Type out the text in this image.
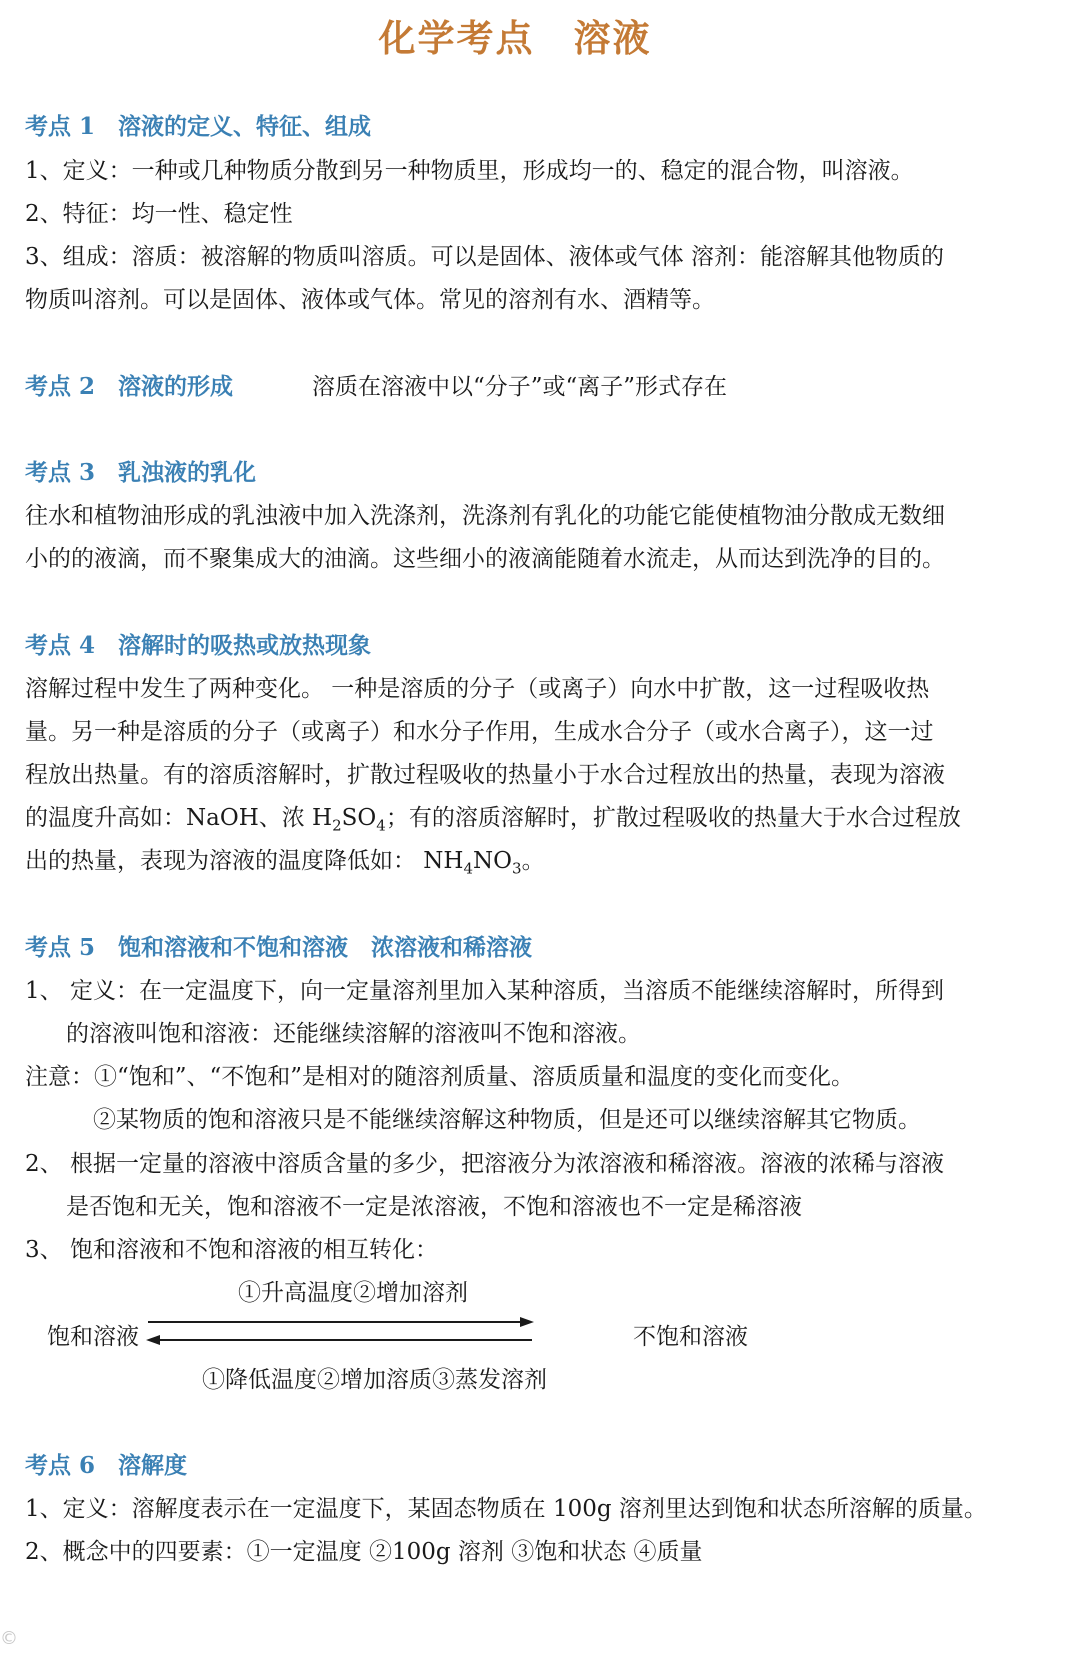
化学考点　溶液
考点 1　溶液的定义、特征、组成
1、定义：一种或几种物质分散到另一种物质里，形成均一的、稳定的混合物，叫溶液。
2、特征：均一性、稳定性
3、组成：溶质：被溶解的物质叫溶质。可以是固体、液体或气体 溶剂：能溶解其他物质的
物质叫溶剂。可以是固体、液体或气体。常见的溶剂有水、酒精等。
考点 2　溶液的形成	溶质在溶液中以“分子”或“离子”形式存在
考点 3　乳浊液的乳化
往水和植物油形成的乳浊液中加入洗涤剂，洗涤剂有乳化的功能它能使植物油分散成无数细
小的的液滴，而不聚集成大的油滴。这些细小的液滴能随着水流走，从而达到洗净的目的。
考点 4　溶解时的吸热或放热现象
溶解过程中发生了两种变化。 一种是溶质的分子（或离子）向水中扩散，这一过程吸收热
量。另一种是溶质的分子（或离子）和水分子作用，生成水合分子（或水合离子），这一过
程放出热量。有的溶质溶解时，扩散过程吸收的热量小于水合过程放出的热量，表现为溶液
的温度升高如：NaOH、浓 $H_2SO_4$；有的溶质溶解时，扩散过程吸收的热量大于水合过程放
出的热量，表现为溶液的温度降低如： $NH_4NO_3$。
考点 5　饱和溶液和不饱和溶液　浓溶液和稀溶液
1、 定义：在一定温度下，向一定量溶剂里加入某种溶质，当溶质不能继续溶解时，所得到
的溶液叫饱和溶液：还能继续溶解的溶液叫不饱和溶液。
注意：①“饱和”、“不饱和”是相对的随溶剂质量、溶质质量和温度的变化而变化。
②某物质的饱和溶液只是不能继续溶解这种物质，但是还可以继续溶解其它物质。
2、 根据一定量的溶液中溶质含量的多少，把溶液分为浓溶液和稀溶液。溶液的浓稀与溶液
是否饱和无关，饱和溶液不一定是浓溶液，不饱和溶液也不一定是稀溶液
3、 饱和溶液和不饱和溶液的相互转化：
①升高温度②增加溶剂
饱和溶液	不饱和溶液
①降低温度②增加溶质③蒸发溶剂
考点 6　溶解度
1、定义：溶解度表示在一定温度下，某固态物质在 100g 溶剂里达到饱和状态所溶解的质量。
2、概念中的四要素：①一定温度 ②100g 溶剂 ③饱和状态 ④质量
©
